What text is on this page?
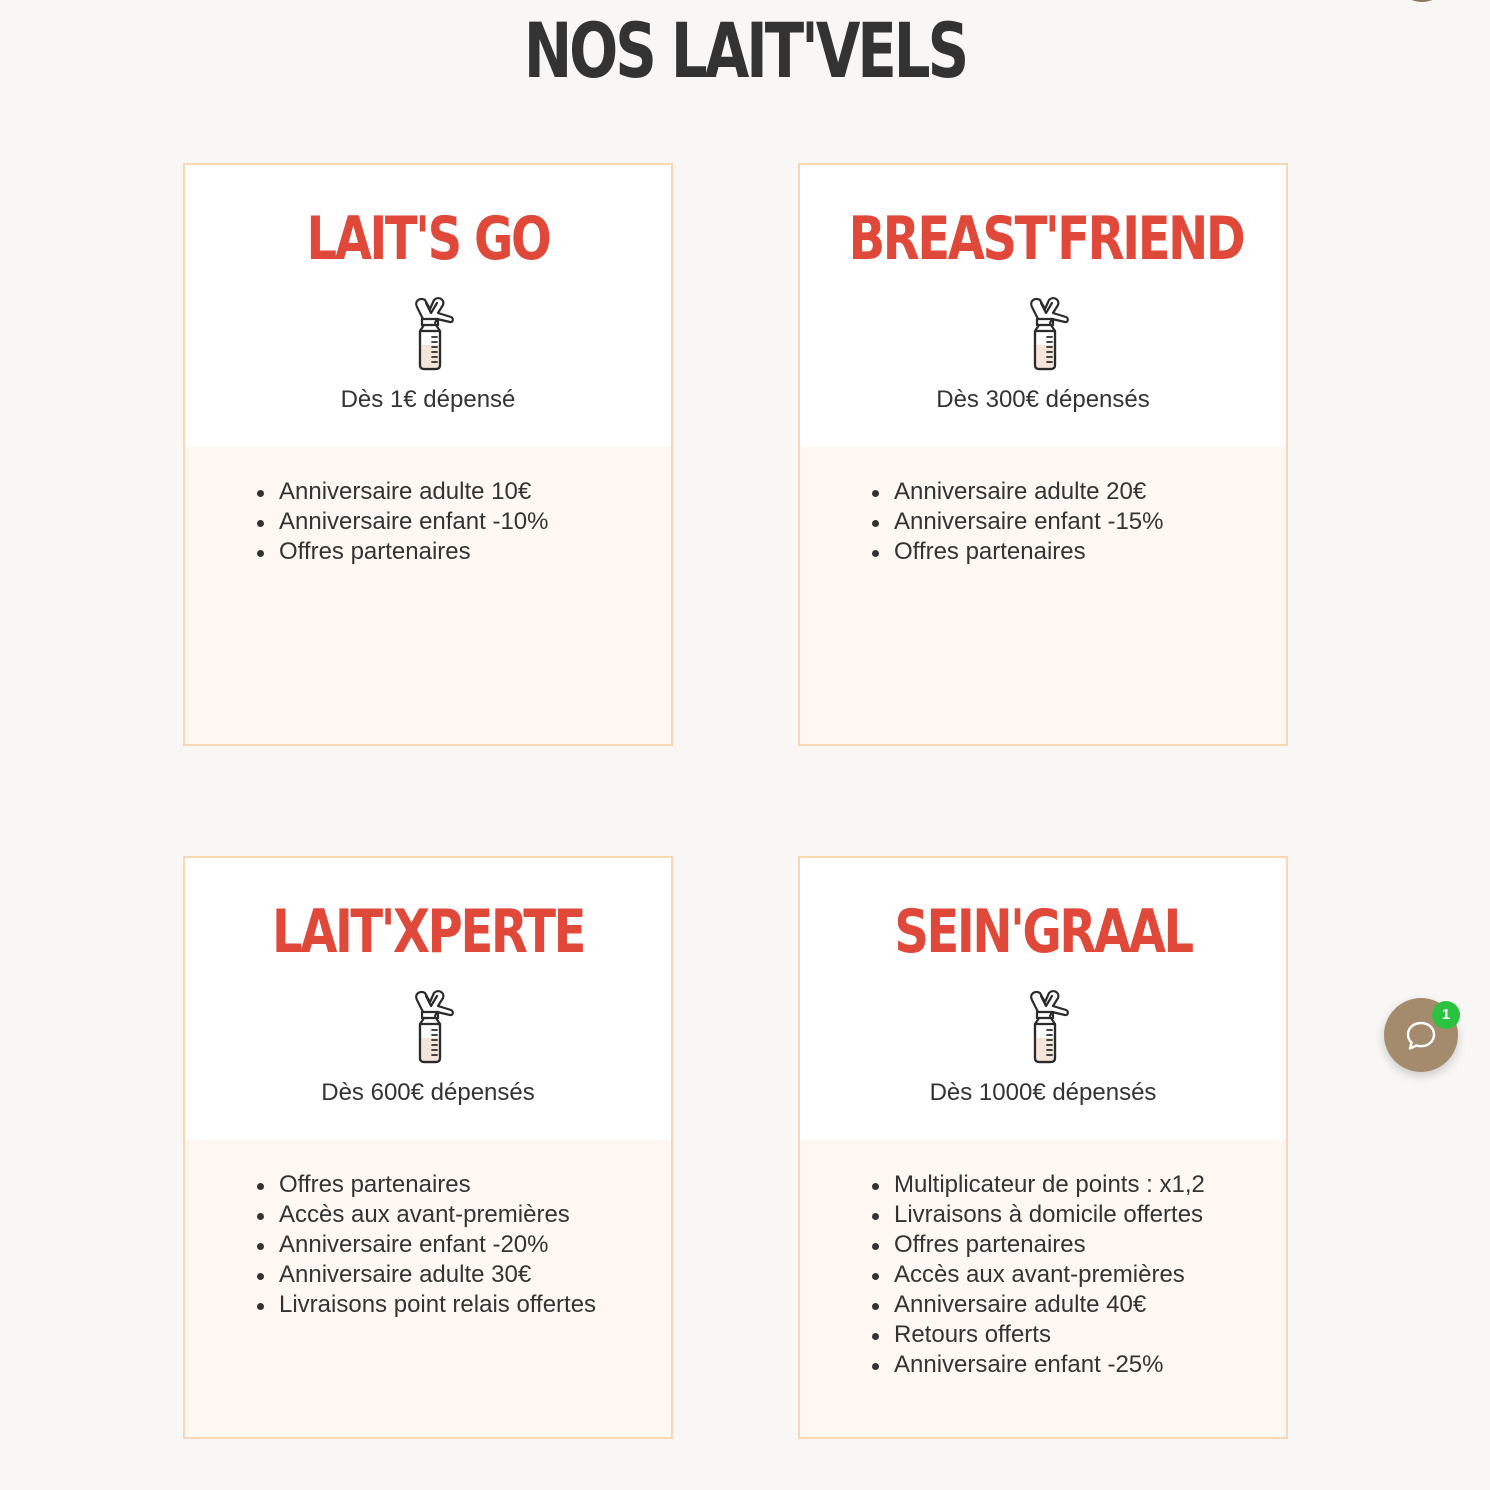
NOS LAIT'VELS
LAIT'S GO
Dès 1€ dépensé
Anniversaire adulte 10€
Anniversaire enfant -10%
Offres partenaires
BREAST'FRIEND
Dès 300€ dépensés
Anniversaire adulte 20€
Anniversaire enfant -15%
Offres partenaires
LAIT'XPERTE
Dès 600€ dépensés
Offres partenaires
Accès aux avant-premières
Anniversaire enfant -20%
Anniversaire adulte 30€
Livraisons point relais offertes
SEIN'GRAAL
Dès 1000€ dépensés
Multiplicateur de points : x1,2
Livraisons à domicile offertes
Offres partenaires
Accès aux avant-premières
Anniversaire adulte 40€
Retours offerts
Anniversaire enfant -25%
1
